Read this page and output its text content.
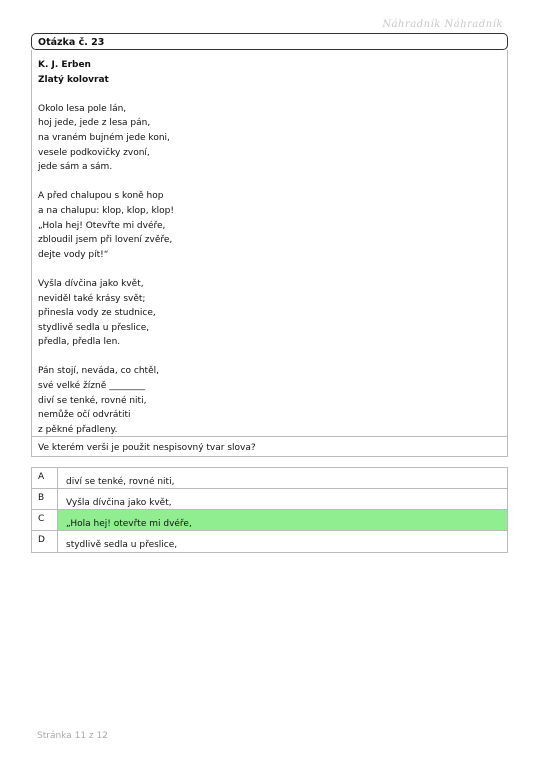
Náhradník Náhradník
Otázka č. 23
K. J. Erben
Zlatý kolovrat
Okolo lesa pole lán,
hoj jede, jede z lesa pán,
na vraném bujném jede koni,
vesele podkovičky zvoní,
jede sám a sám.
A před chalupou s koně hop
a na chalupu: klop, klop, klop!
„Hola hej! Otevřte mi dvéře,
zbloudil jsem při lovení zvěře,
dejte vody pít!“
Vyšla dívčina jako květ,
neviděl také krásy svět;
přinesla vody ze studnice,
stydlivě sedla u přeslice,
předla, předla len.
Pán stojí, neváda, co chtěl,
své velké žízně ________
diví se tenké, rovné niti,
nemůže očí odvrátiti
z pěkné přadleny.
Ve kterém verši je použit nespisovný tvar slova?
A	diví se tenké, rovné niti,
B	Vyšla dívčina jako květ,
C	„Hola hej! otevřte mi dvéře,
D	stydlivě sedla u přeslice,
Stránka 11 z 12
